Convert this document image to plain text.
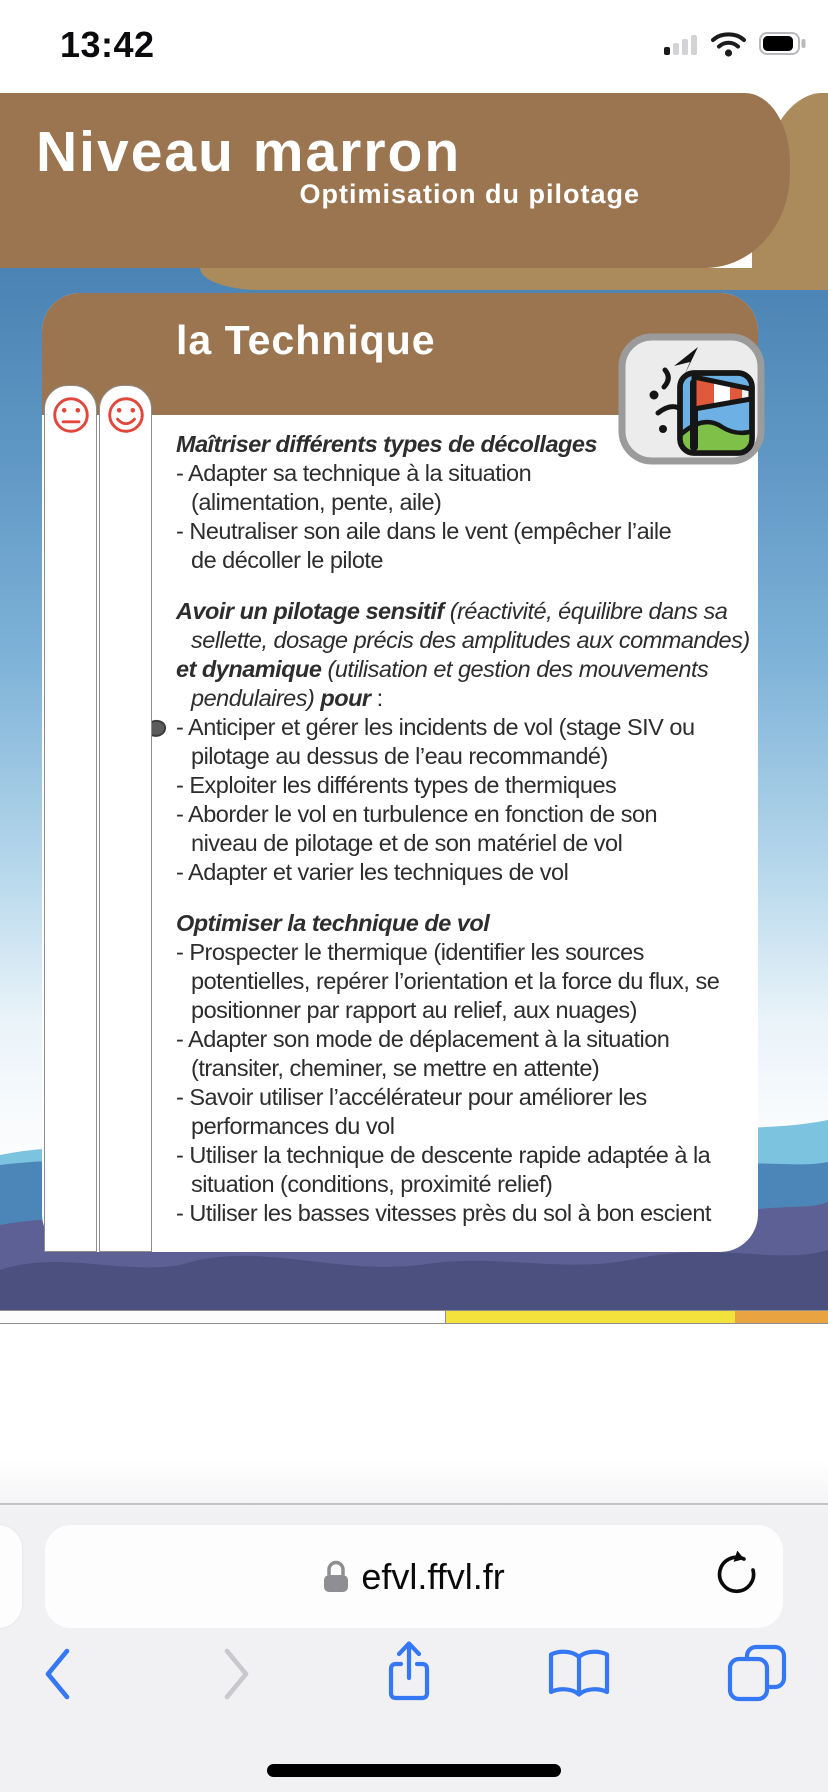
Niveau marron
Optimisation du pilotage
la Technique
Maîtriser différents types de décollages
- Adapter sa technique à la situation
(alimentation, pente, aile)
- Neutraliser son aile dans le vent (empêcher l’aile
de décoller le pilote
Avoir un pilotage sensitif (réactivité, équilibre dans sa
sellette, dosage précis des amplitudes aux commandes)
et dynamique (utilisation et gestion des mouvements
pendulaires) pour :
- Anticiper et gérer les incidents de vol (stage SIV ou
pilotage au dessus de l’eau recommandé)
- Exploiter les différents types de thermiques
- Aborder le vol en turbulence en fonction de son
niveau de pilotage et de son matériel de vol
- Adapter et varier les techniques de vol
Optimiser la technique de vol
- Prospecter le thermique (identifier les sources
potentielles, repérer l’orientation et la force du flux, se
positionner par rapport au relief, aux nuages)
- Adapter son mode de déplacement à la situation
(transiter, cheminer, se mettre en attente)
- Savoir utiliser l’accélérateur pour améliorer les
performances du vol
- Utiliser la technique de descente rapide adaptée à la
situation (conditions, proximité relief)
- Utiliser les basses vitesses près du sol à bon escient
13:42
efvl.ffvl.fr
